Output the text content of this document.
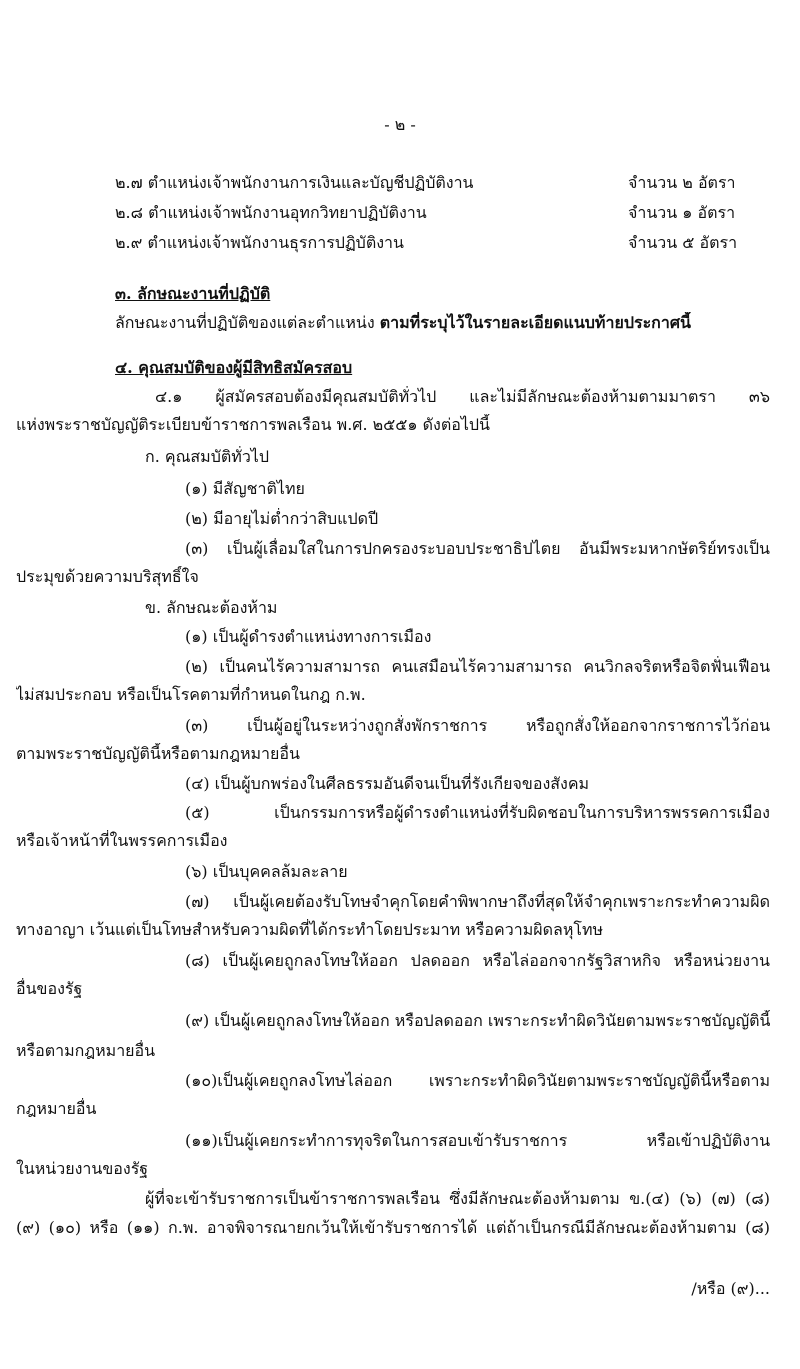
- ๒ -
๒.๗ ตำแหน่งเจ้าพนักงานการเงินและบัญชีปฏิบัติงาน	จำนวน ๒ อัตรา
๒.๘ ตำแหน่งเจ้าพนักงานอุทกวิทยาปฏิบัติงาน	จำนวน ๑ อัตรา
๒.๙ ตำแหน่งเจ้าพนักงานธุรการปฏิบัติงาน	จำนวน ๕ อัตรา
๓. ลักษณะงานที่ปฏิบัติ
ลักษณะงานที่ปฏิบัติของแต่ละตำแหน่ง ตามที่ระบุไว้ในรายละเอียดแนบท้ายประกาศนี้
๔. คุณสมบัติของผู้มีสิทธิสมัครสอบ
๔.๑ ผู้สมัครสอบต้องมีคุณสมบัติทั่วไป และไม่มีลักษณะต้องห้ามตามมาตรา ๓๖
แห่งพระราชบัญญัติระเบียบข้าราชการพลเรือน พ.ศ. ๒๕๕๑ ดังต่อไปนี้
ก. คุณสมบัติทั่วไป
(๑) มีสัญชาติไทย
(๒) มีอายุไม่ต่ำกว่าสิบแปดปี
(๓) เป็นผู้เลื่อมใสในการปกครองระบอบประชาธิปไตย อันมีพระมหากษัตริย์ทรงเป็น
ประมุขด้วยความบริสุทธิ์ใจ
ข. ลักษณะต้องห้าม
(๑) เป็นผู้ดำรงตำแหน่งทางการเมือง
(๒) เป็นคนไร้ความสามารถ คนเสมือนไร้ความสามารถ คนวิกลจริตหรือจิตฟั่นเฟือน
ไม่สมประกอบ หรือเป็นโรคตามที่กำหนดในกฎ ก.พ.
(๓) เป็นผู้อยู่ในระหว่างถูกสั่งพักราชการ หรือถูกสั่งให้ออกจากราชการไว้ก่อน
ตามพระราชบัญญัตินี้หรือตามกฎหมายอื่น
(๔) เป็นผู้บกพร่องในศีลธรรมอันดีจนเป็นที่รังเกียจของสังคม
(๕) เป็นกรรมการหรือผู้ดำรงตำแหน่งที่รับผิดชอบในการบริหารพรรคการเมือง
หรือเจ้าหน้าที่ในพรรคการเมือง
(๖) เป็นบุคคลล้มละลาย
(๗) เป็นผู้เคยต้องรับโทษจำคุกโดยคำพิพากษาถึงที่สุดให้จำคุกเพราะกระทำความผิด
ทางอาญา เว้นแต่เป็นโทษสำหรับความผิดที่ได้กระทำโดยประมาท หรือความผิดลหุโทษ
(๘) เป็นผู้เคยถูกลงโทษให้ออก ปลดออก หรือไล่ออกจากรัฐวิสาหกิจ หรือหน่วยงาน
อื่นของรัฐ
(๙) เป็นผู้เคยถูกลงโทษให้ออก หรือปลดออก เพราะกระทำผิดวินัยตามพระราชบัญญัตินี้
หรือตามกฎหมายอื่น
(๑๐)เป็นผู้เคยถูกลงโทษไล่ออก เพราะกระทำผิดวินัยตามพระราชบัญญัตินี้หรือตาม
กฎหมายอื่น
(๑๑)เป็นผู้เคยกระทำการทุจริตในการสอบเข้ารับราชการ หรือเข้าปฏิบัติงาน
ในหน่วยงานของรัฐ
ผู้ที่จะเข้ารับราชการเป็นข้าราชการพลเรือน ซึ่งมีลักษณะต้องห้ามตาม ข.(๔) (๖) (๗) (๘)
(๙) (๑๐) หรือ (๑๑) ก.พ. อาจพิจารณายกเว้นให้เข้ารับราชการได้ แต่ถ้าเป็นกรณีมีลักษณะต้องห้ามตาม (๘)
/หรือ (๙)...
